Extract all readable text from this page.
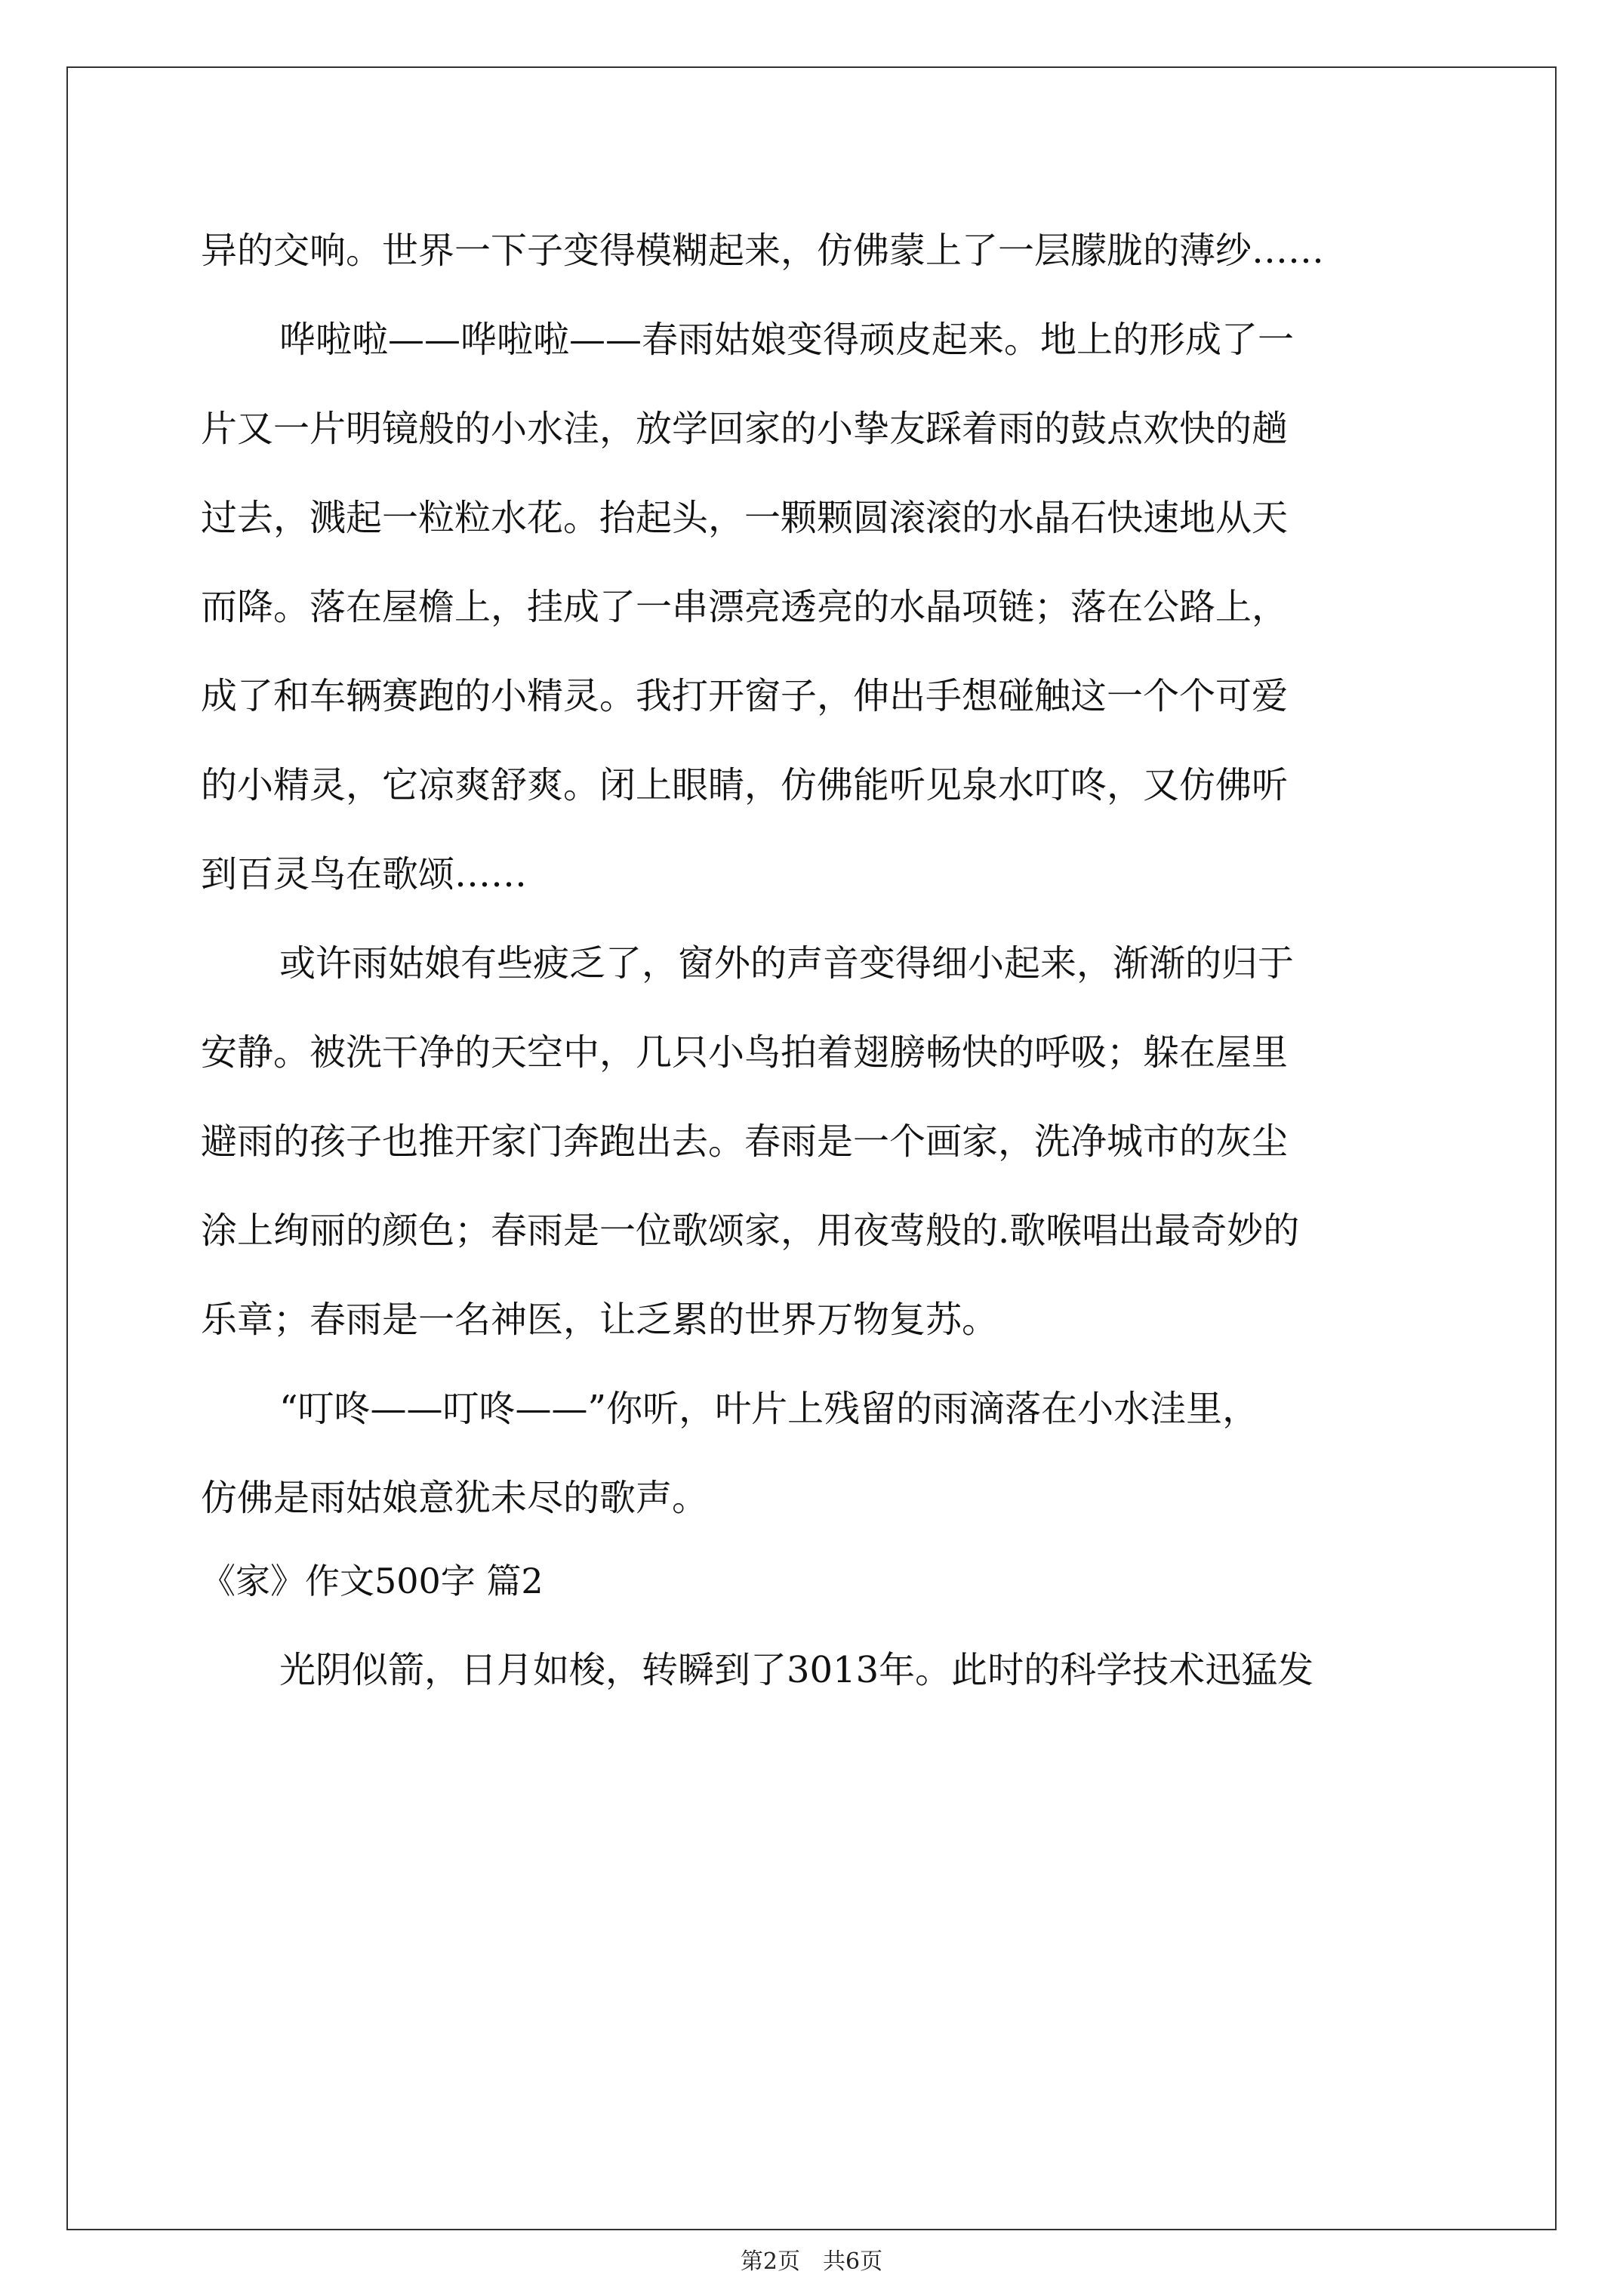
异的交响。世界一下子变得模糊起来，仿佛蒙上了一层朦胧的薄纱……
哗啦啦——哗啦啦——春雨姑娘变得顽皮起来。地上的形成了一
片又一片明镜般的小水洼，放学回家的小挚友踩着雨的鼓点欢快的趟
过去，溅起一粒粒水花。抬起头，一颗颗圆滚滚的水晶石快速地从天
而降。落在屋檐上，挂成了一串漂亮透亮的水晶项链；落在公路上，
成了和车辆赛跑的小精灵。我打开窗子，伸出手想碰触这一个个可爱
的小精灵，它凉爽舒爽。闭上眼睛，仿佛能听见泉水叮咚，又仿佛听
到百灵鸟在歌颂……
或许雨姑娘有些疲乏了，窗外的声音变得细小起来，渐渐的归于
安静。被洗干净的天空中，几只小鸟拍着翅膀畅快的呼吸；躲在屋里
避雨的孩子也推开家门奔跑出去。春雨是一个画家，洗净城市的灰尘
涂上绚丽的颜色；春雨是一位歌颂家，用夜莺般的.歌喉唱出最奇妙的
乐章；春雨是一名神医，让乏累的世界万物复苏。
“叮咚——叮咚——”你听，叶片上残留的雨滴落在小水洼里，
仿佛是雨姑娘意犹未尽的歌声。
《家》作文500字 篇2
光阴似箭，日月如梭，转瞬到了3013年。此时的科学技术迅猛发
第2页　共6页
